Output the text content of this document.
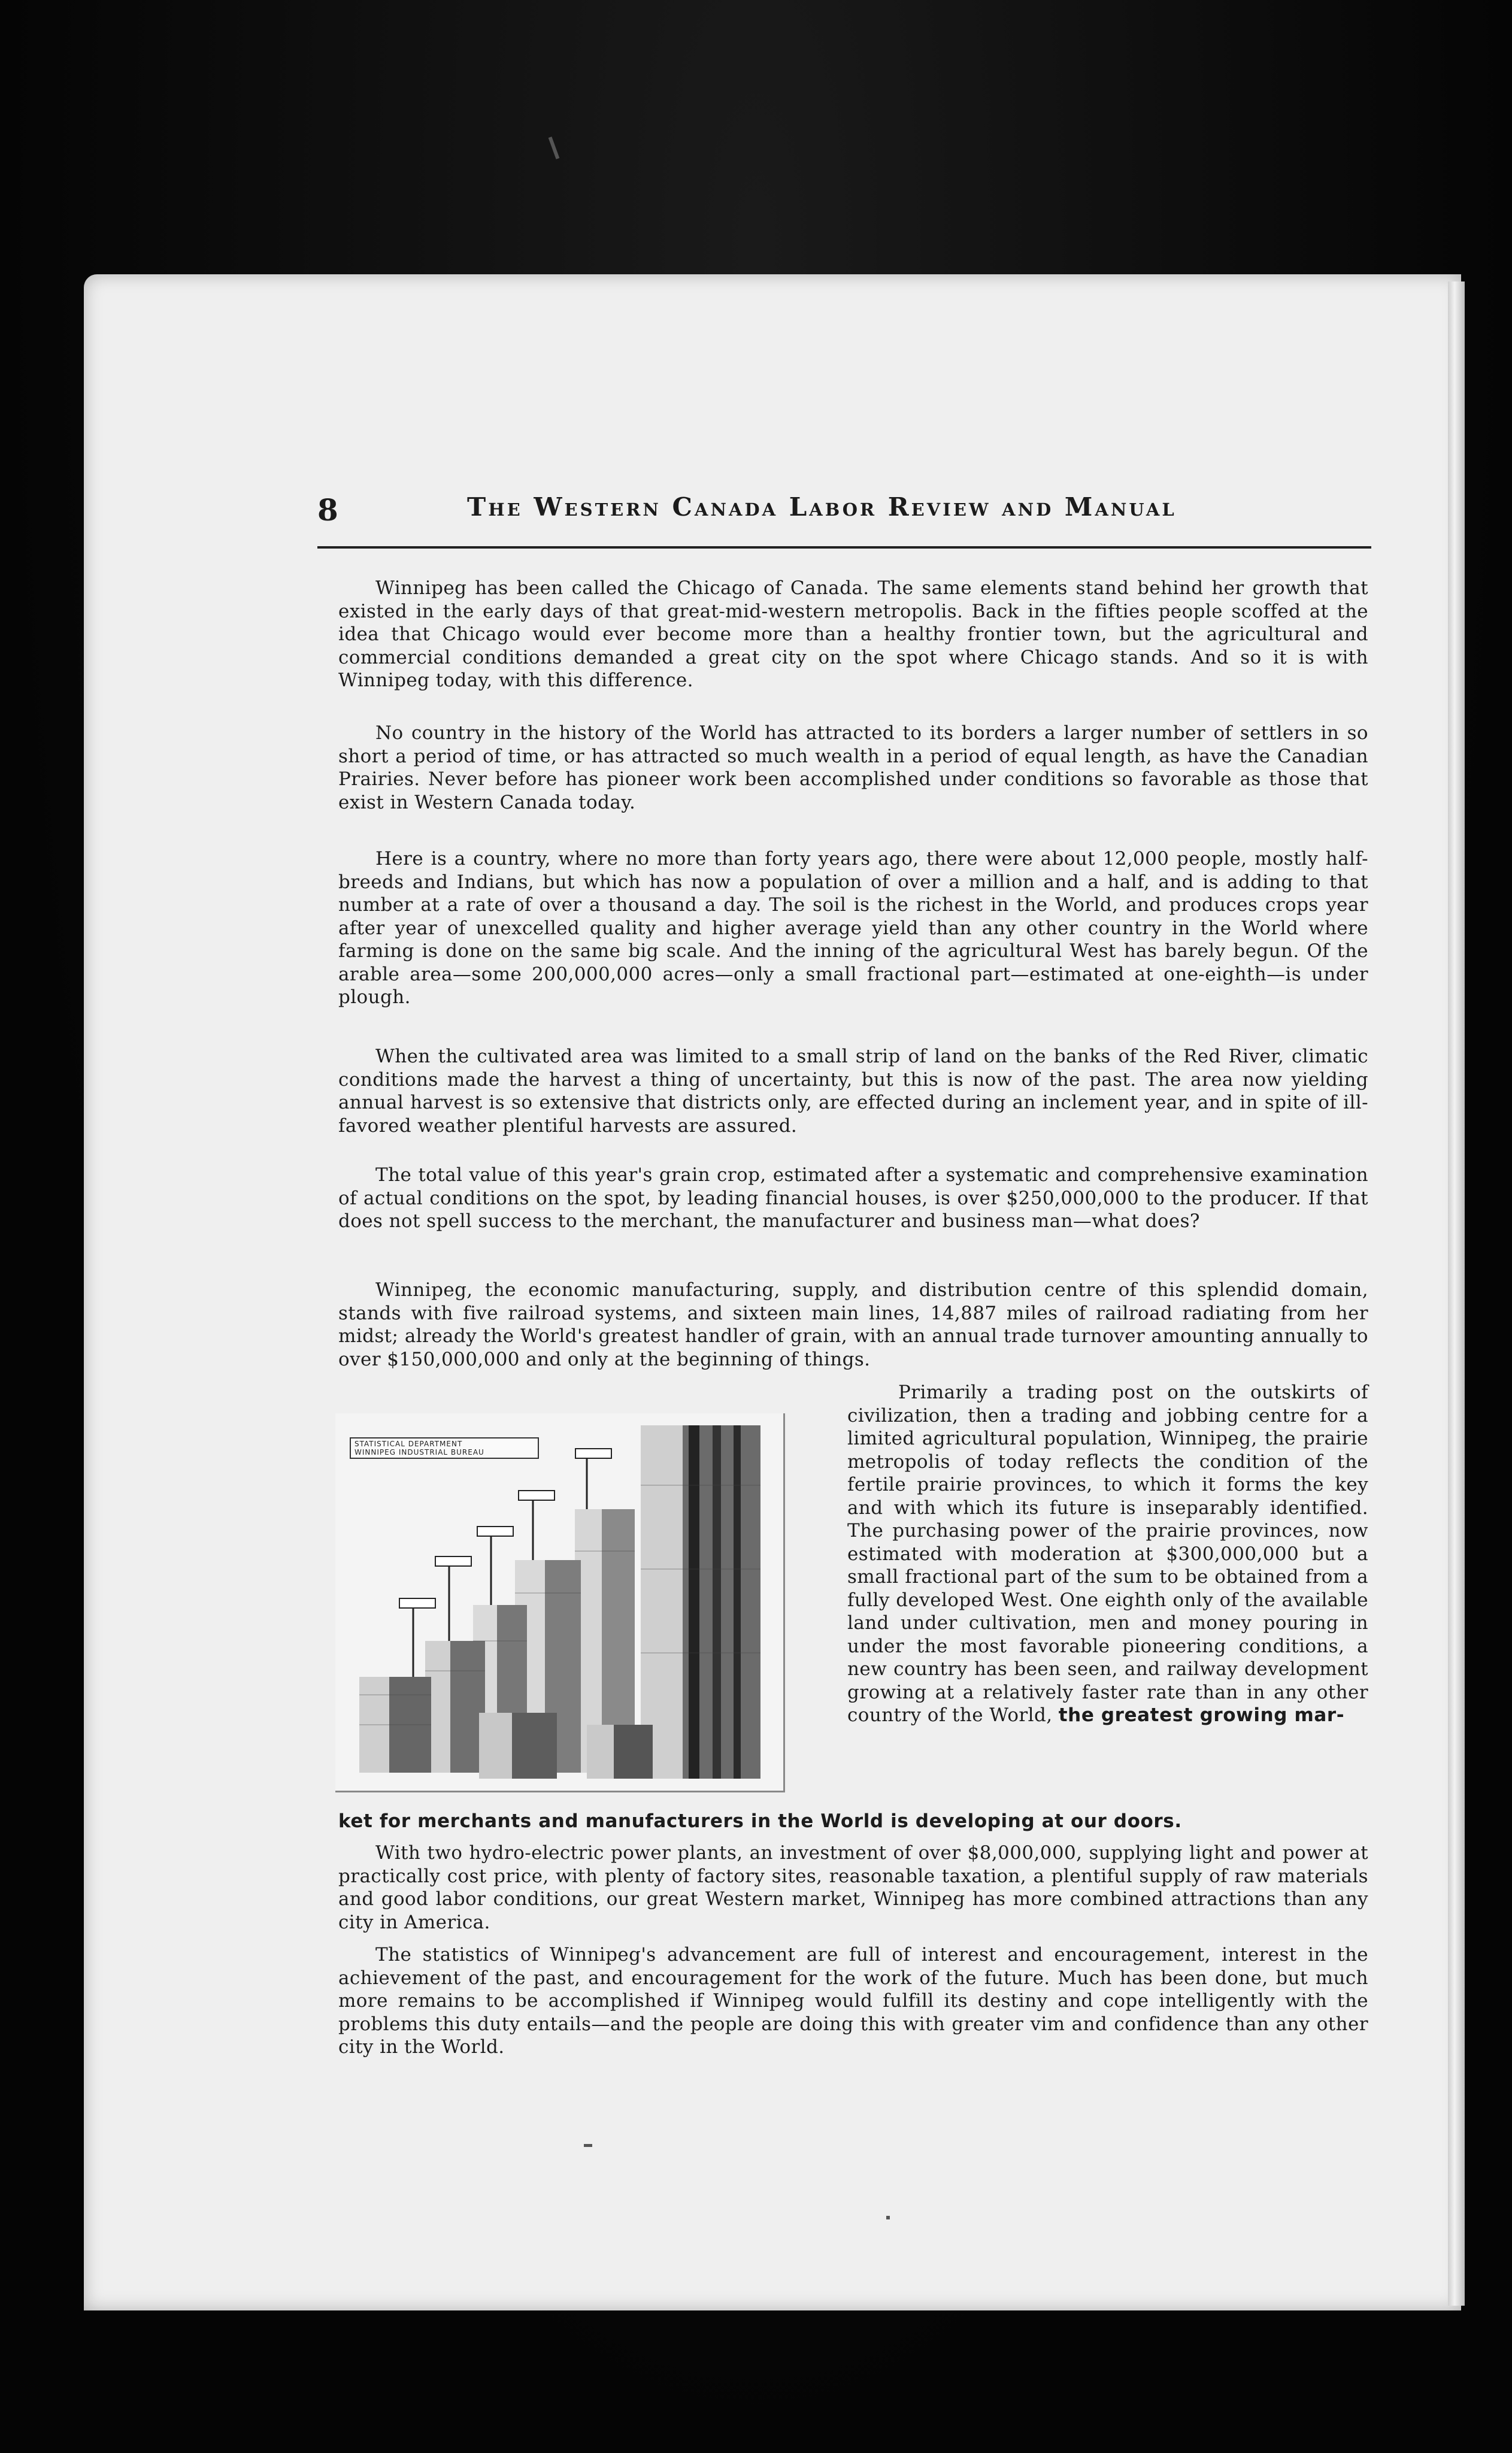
8	The Western Canada Labor Review and Manual

Winnipeg has been called the Chicago of Canada. The same elements stand behind her growth that existed in the early days of that great-mid-western metropolis. Back in the fifties people scoffed at the idea that Chicago would ever become more than a healthy frontier town, but the agricultural and commercial conditions demanded a great city on the spot where Chicago stands. And so it is with Winnipeg today, with this difference.

No country in the history of the World has attracted to its borders a larger number of settlers in so short a period of time, or has attracted so much wealth in a period of equal length, as have the Canadian Prairies. Never before has pioneer work been accomplished under conditions so favorable as those that exist in Western Canada today.

Here is a country, where no more than forty years ago, there were about 12,000 people, mostly half-breeds and Indians, but which has now a population of over a million and a half, and is adding to that number at a rate of over a thousand a day. The soil is the richest in the World, and produces crops year after year of unexcelled quality and higher average yield than any other country in the World where farming is done on the same big scale. And the inning of the agricultural West has barely begun. Of the arable area—some 200,000,000 acres—only a small fractional part—estimated at one-eighth—is under plough.

When the cultivated area was limited to a small strip of land on the banks of the Red River, climatic conditions made the harvest a thing of uncertainty, but this is now of the past. The area now yielding annual harvest is so extensive that districts only, are effected during an inclement year, and in spite of ill-favored weather plentiful harvests are assured.

The total value of this year's grain crop, estimated after a systematic and comprehensive examination of actual conditions on the spot, by leading financial houses, is over $250,000,000 to the producer. If that does not spell success to the merchant, the manufacturer and business man—what does?

Winnipeg, the economic manufacturing, supply, and distribution centre of this splendid domain, stands with five railroad systems, and sixteen main lines, 14,887 miles of railroad radiating from her midst; already the World's greatest handler of grain, with an annual trade turnover amounting annually to over $150,000,000 and only at the beginning of things.

STATISTICAL DEPARTMENT
WINNIPEG INDUSTRIAL BUREAU

Primarily a trading post on the outskirts of civilization, then a trading and jobbing centre for a limited agricultural population, Winnipeg, the prairie metropolis of today reflects the condition of the fertile prairie provinces, to which it forms the key and with which its future is inseparably identified. The purchasing power of the prairie provinces, now estimated with moderation at $300,000,000 but a small fractional part of the sum to be obtained from a fully developed West. One eighth only of the available land under cultivation, men and money pouring in under the most favorable pioneering conditions, a new country has been seen, and railway development growing at a relatively faster rate than in any other country of the World, the greatest growing mar-

ket for merchants and manufacturers in the World is developing at our doors.

With two hydro-electric power plants, an investment of over $8,000,000, supplying light and power at practically cost price, with plenty of factory sites, reasonable taxation, a plentiful supply of raw materials and good labor conditions, our great Western market, Winnipeg has more combined attractions than any city in America.

The statistics of Winnipeg's advancement are full of interest and encouragement, interest in the achievement of the past, and encouragement for the work of the future. Much has been done, but much more remains to be accomplished if Winnipeg would fulfill its destiny and cope intelligently with the problems this duty entails—and the people are doing this with greater vim and confidence than any other city in the World.
